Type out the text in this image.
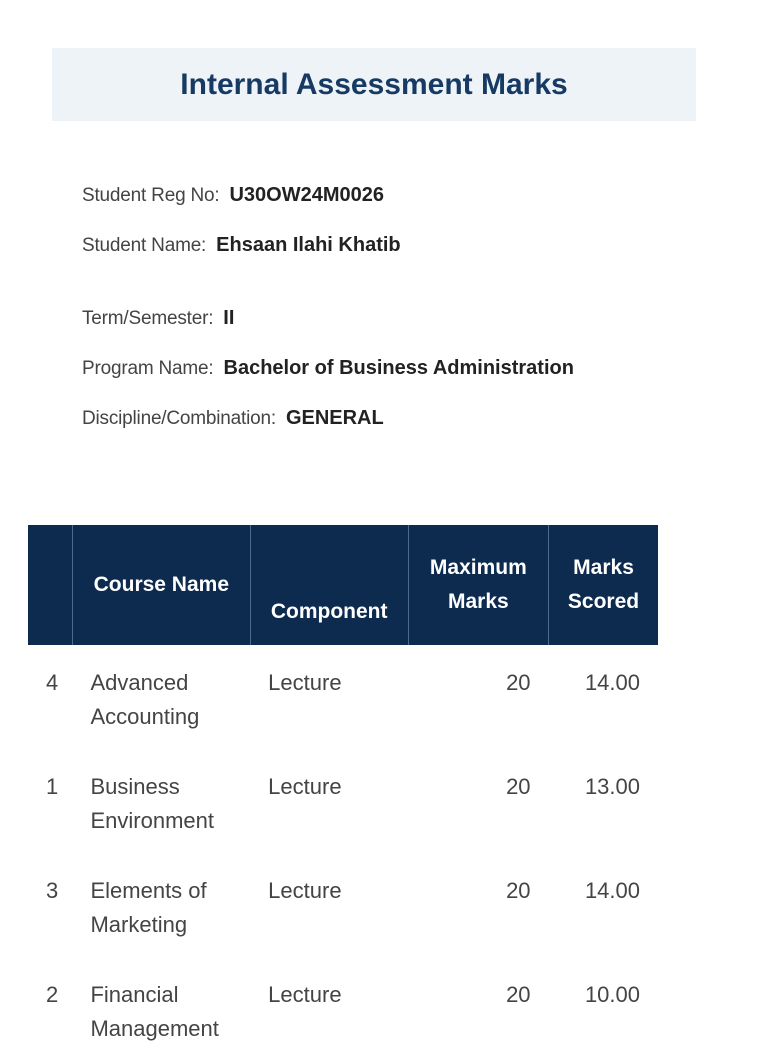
Internal Assessment Marks
Student Reg No: U30OW24M0026
Student Name: Ehsaan Ilahi Khatib
Term/Semester: II
Program Name: Bachelor of Business Administration
Discipline/Combination: GENERAL
	Course Name	Component	Maximum Marks	Marks Scored
4	Advanced Accounting	Lecture	20	14.00
1	Business Environment	Lecture	20	13.00
3	Elements of Marketing	Lecture	20	14.00
2	Financial Management	Lecture	20	10.00
